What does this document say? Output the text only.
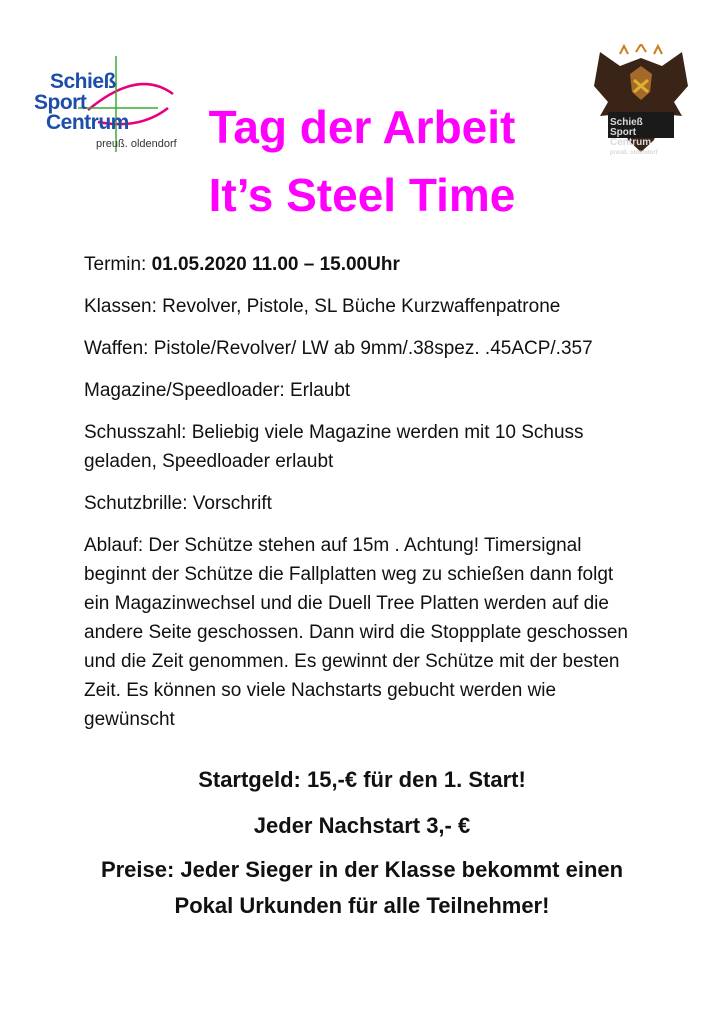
Schieß
Sport
Centrum
preuß. oldendorf
Schieß
Sport
Centrum
preuß. oldendorf
Tag der Arbeit
It’s Steel Time

Termin: 01.05.2020 11.00 – 15.00Uhr

Klassen: Revolver, Pistole, SL Büche Kurzwaffenpatrone

Waffen: Pistole/Revolver/ LW ab 9mm/.38spez. .45ACP/.357

Magazine/Speedloader: Erlaubt

Schusszahl: Beliebig viele Magazine werden mit 10 Schuss geladen, Speedloader erlaubt

Schutzbrille: Vorschrift

Ablauf: Der Schütze stehen auf 15m . Achtung! Timersignal beginnt der Schütze die Fallplatten weg zu schießen dann folgt ein Magazinwechsel und die Duell Tree Platten werden auf die andere Seite geschossen. Dann wird die Stoppplate geschossen und die Zeit genommen. Es gewinnt der Schütze mit der besten Zeit. Es können so viele Nachstarts gebucht werden wie gewünscht

Startgeld: 15,-€ für den 1. Start!
Jeder Nachstart 3,- €
Preise: Jeder Sieger in der Klasse bekommt einen
Pokal Urkunden für alle Teilnehmer!
